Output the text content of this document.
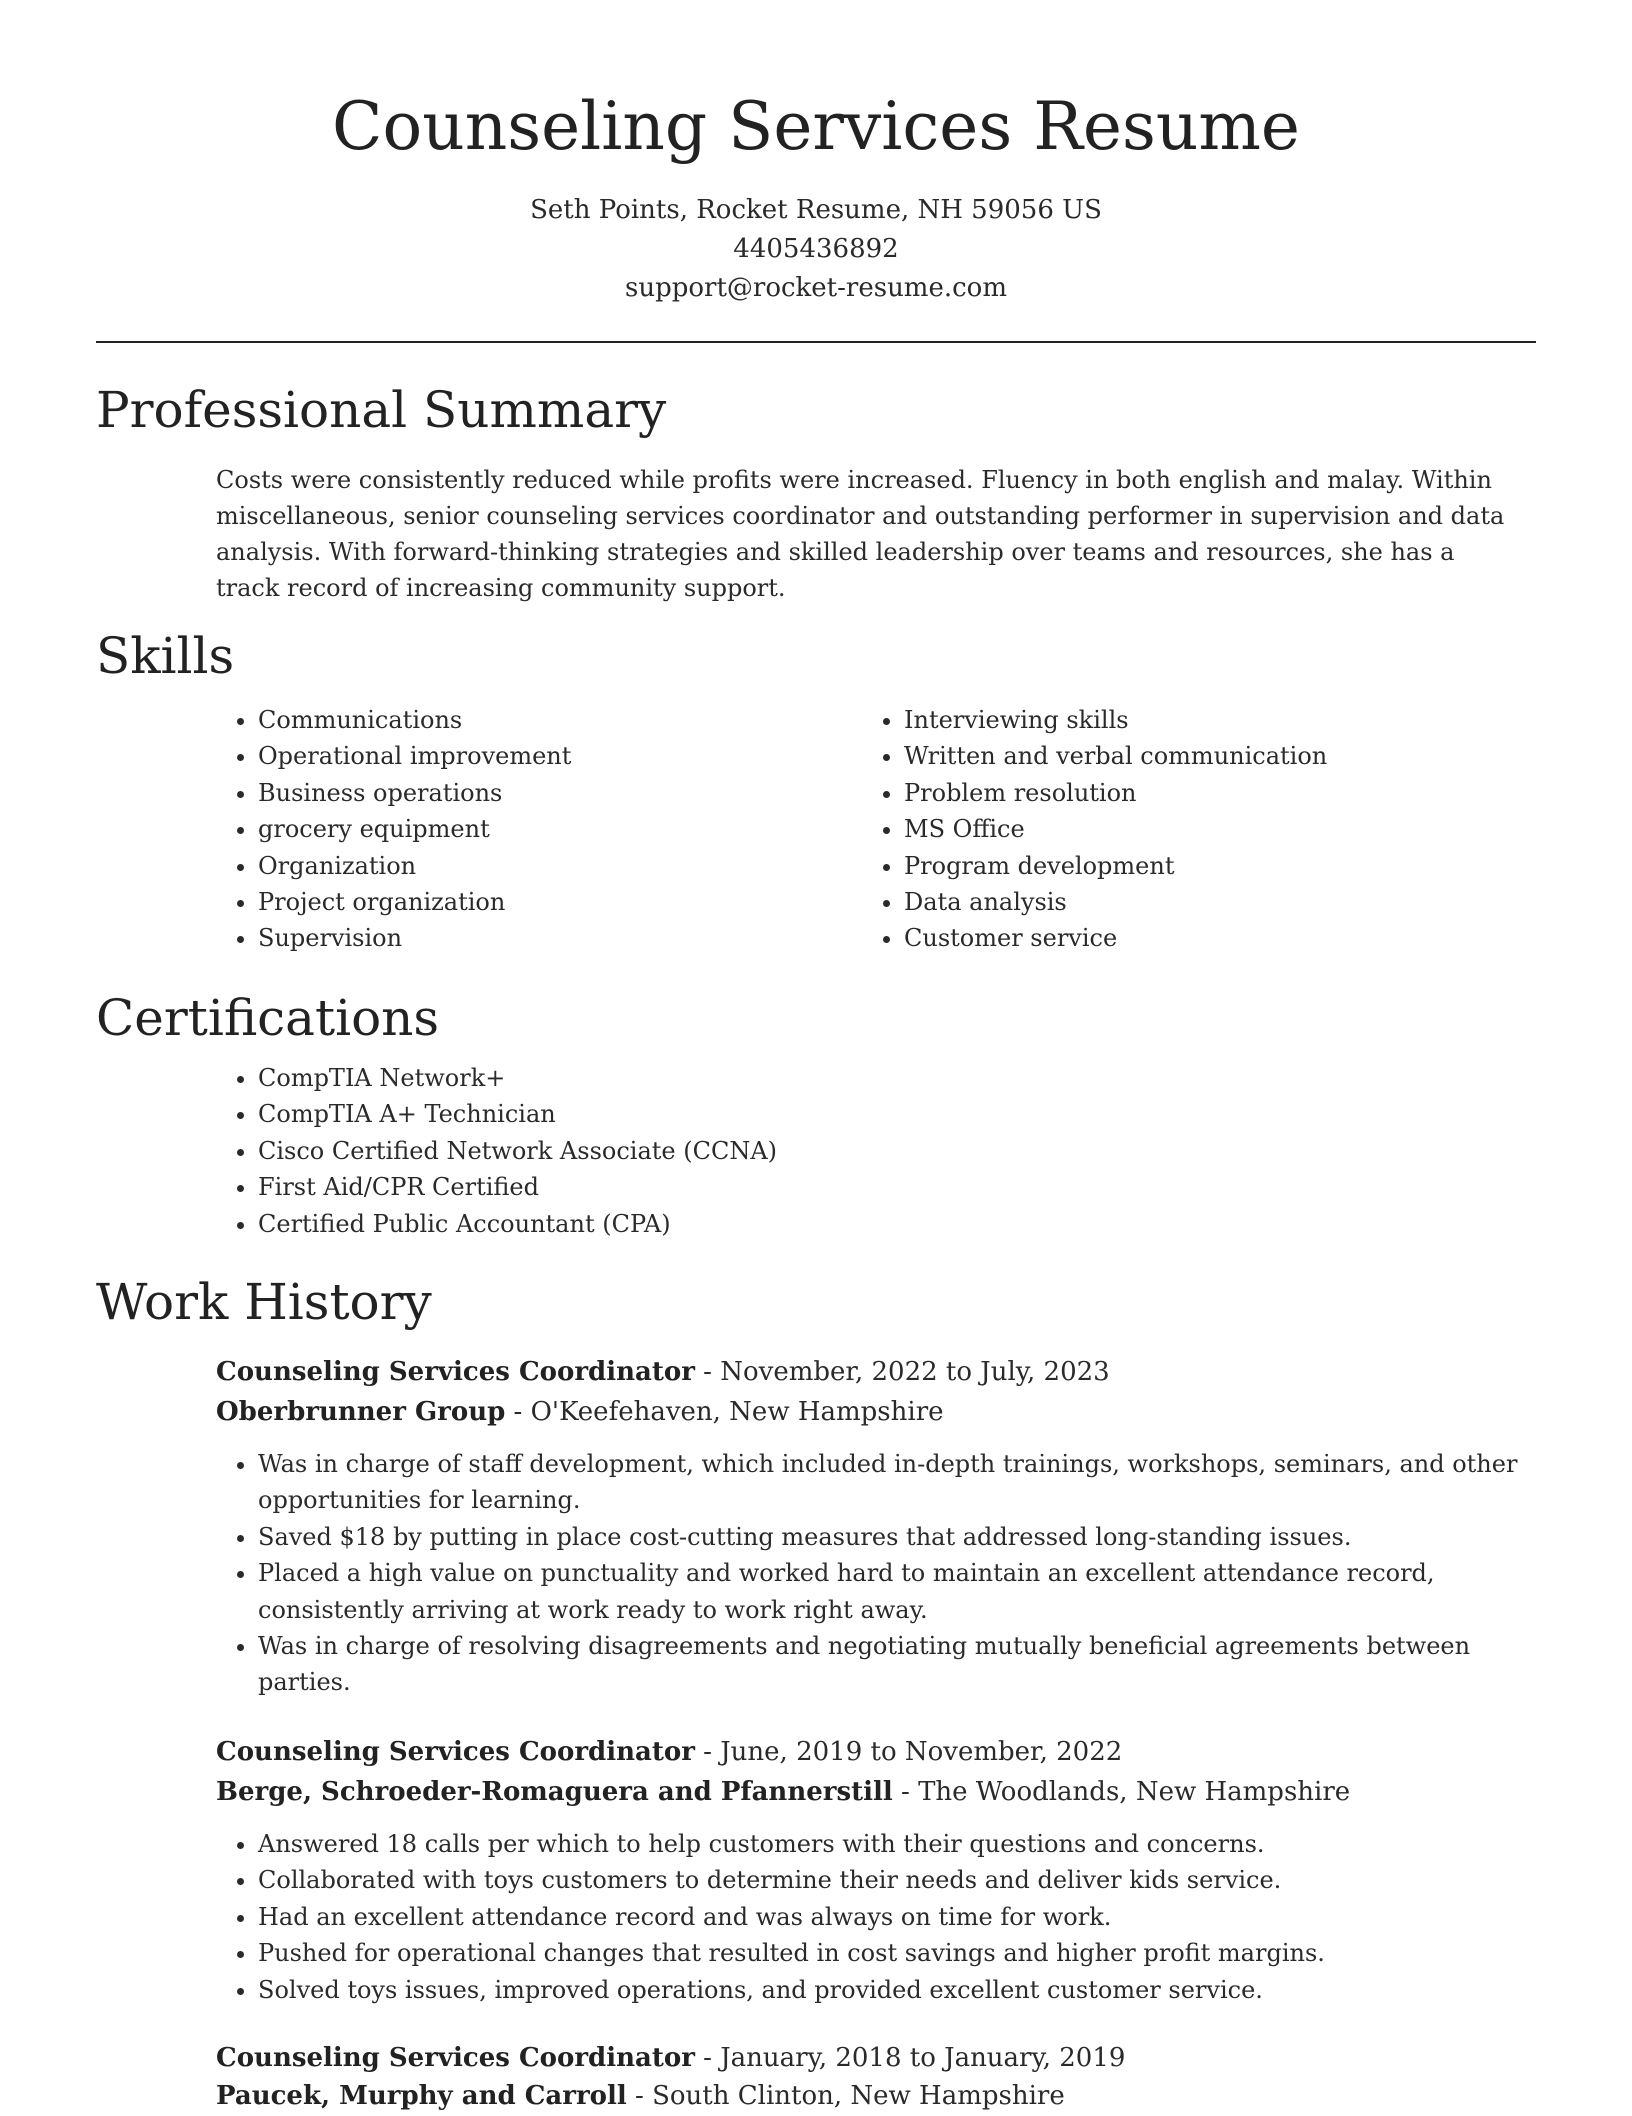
Counseling Services Resume
Seth Points, Rocket Resume, NH 59056 US
4405436892
support@rocket-resume.com
Professional Summary

Costs were consistently reduced while profits were increased. Fluency in both english and malay. Within miscellaneous, senior counseling services coordinator and outstanding performer in supervision and data analysis. With forward-thinking strategies and skilled leadership over teams and resources, she has a track record of increasing community support.

Skills
• Communications
• Operational improvement
• Business operations
• grocery equipment
• Organization
• Project organization
• Supervision
• Interviewing skills
• Written and verbal communication
• Problem resolution
• MS Office
• Program development
• Data analysis
• Customer service
Certifications
• CompTIA Network+
• CompTIA A+ Technician
• Cisco Certified Network Associate (CCNA)
• First Aid/CPR Certified
• Certified Public Accountant (CPA)
Work History
Counseling Services Coordinator - November, 2022 to July, 2023
Oberbrunner Group - O'Keefehaven, New Hampshire
• Was in charge of staff development, which included in-depth trainings, workshops, seminars, and other opportunities for learning.
• Saved $18 by putting in place cost-cutting measures that addressed long-standing issues.
• Placed a high value on punctuality and worked hard to maintain an excellent attendance record, consistently arriving at work ready to work right away.
• Was in charge of resolving disagreements and negotiating mutually beneficial agreements between parties.
Counseling Services Coordinator - June, 2019 to November, 2022
Berge, Schroeder-Romaguera and Pfannerstill - The Woodlands, New Hampshire
• Answered 18 calls per which to help customers with their questions and concerns.
• Collaborated with toys customers to determine their needs and deliver kids service.
• Had an excellent attendance record and was always on time for work.
• Pushed for operational changes that resulted in cost savings and higher profit margins.
• Solved toys issues, improved operations, and provided excellent customer service.
Counseling Services Coordinator - January, 2018 to January, 2019
Paucek, Murphy and Carroll - South Clinton, New Hampshire
